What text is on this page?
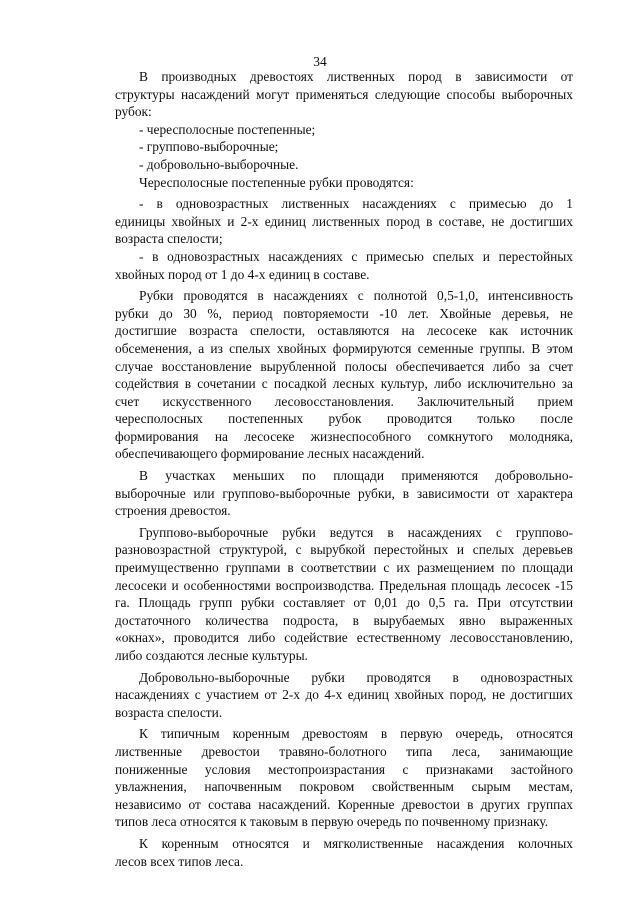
34
В производных древостоях лиственных пород в зависимости от
структуры насаждений могут применяться следующие способы выборочных
рубок:
- чересполосные постепенные;
- группово-выборочные;
- добровольно-выборочные.
Чересполосные постепенные рубки проводятся:
- в одновозрастных лиственных насаждениях с примесью до 1
единицы хвойных и 2-х единиц лиственных пород в составе, не достигших
возраста спелости;
- в одновозрастных насаждениях с примесью спелых и перестойных
хвойных пород от 1 до 4-х единиц в составе.
Рубки проводятся в насаждениях с полнотой 0,5-1,0, интенсивность
рубки до 30 %, период повторяемости -10 лет. Хвойные деревья, не
достигшие возраста спелости, оставляются на лесосеке как источник
обсеменения, а из спелых хвойных формируются семенные группы. В этом
случае восстановление вырубленной полосы обеспечивается либо за счет
содействия в сочетании с посадкой лесных культур, либо исключительно за
счет искусственного лесовосстановления. Заключительный прием
чересполосных постепенных рубок проводится только после
формирования на лесосеке жизнеспособного сомкнутого молодняка,
обеспечивающего формирование лесных насаждений.
В участках меньших по площади применяются добровольно-
выборочные или группово-выборочные рубки, в зависимости от характера
строения древостоя.
Группово-выборочные рубки ведутся в насаждениях с группово-
разновозрастной структурой, с вырубкой перестойных и спелых деревьев
преимущественно группами в соответствии с их размещением по площади
лесосеки и особенностями воспроизводства. Предельная площадь лесосек -15
га. Площадь групп рубки составляет от 0,01 до 0,5 га. При отсутствии
достаточного количества подроста, в вырубаемых явно выраженных
«окнах», проводится либо содействие естественному лесовосстановлению,
либо создаются лесные культуры.
Добровольно-выборочные рубки проводятся в одновозрастных
насаждениях с участием от 2-х до 4-х единиц хвойных пород, не достигших
возраста спелости.
К типичным коренным древостоям в первую очередь, относятся
лиственные древостои травяно-болотного типа леса, занимающие
пониженные условия местопроизрастания с признаками застойного
увлажнения, напочвенным покровом свойственным сырым местам,
независимо от состава насаждений. Коренные древостои в других группах
типов леса относятся к таковым в первую очередь по почвенному признаку.
К коренным относятся и мягколиственные насаждения колочных
лесов всех типов леса.
